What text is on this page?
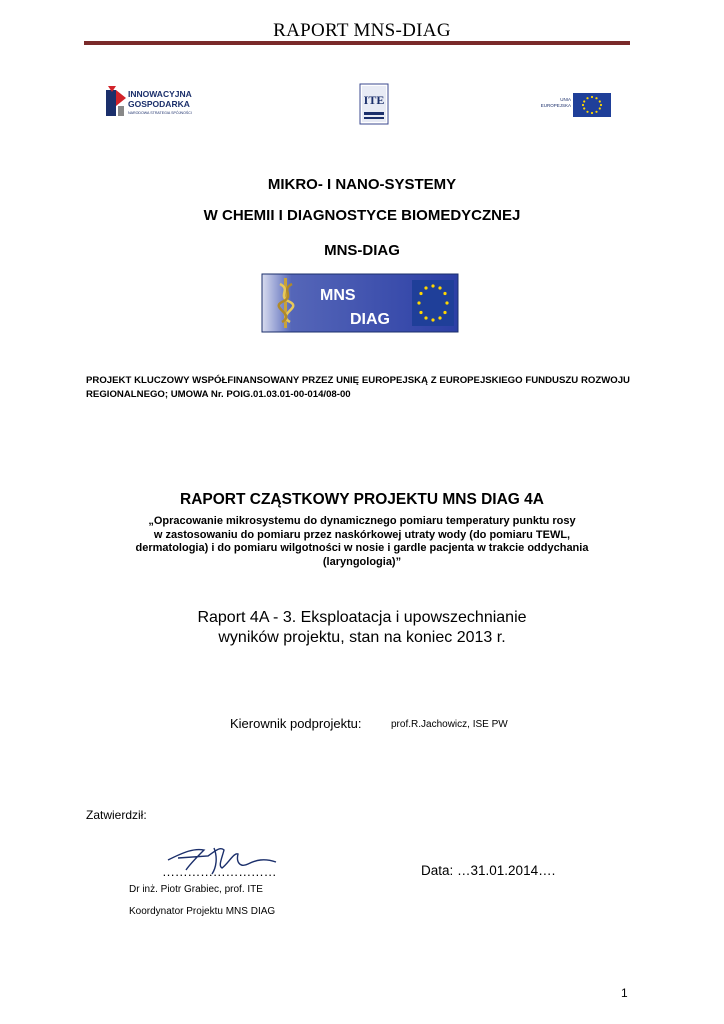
RAPORT MNS-DIAG
INNOWACYJNA
GOSPODARKA
NARODOWA STRATEGIA SPÓJNOŚCI
ITE	UNIA
EUROPEJSKA
MIKRO- I NANO-SYSTEMY
W CHEMII I DIAGNOSTYCE BIOMEDYCZNEJ
MNS-DIAG
MNS
DIAG
PROJEKT KLUCZOWY WSPÓŁFINANSOWANY PRZEZ UNIĘ EUROPEJSKĄ Z EUROPEJSKIEGO FUNDUSZU ROZWOJU REGIONALNEGO; UMOWA Nr. POIG.01.03.01-00-014/08-00
RAPORT CZĄSTKOWY PROJEKTU MNS DIAG 4A
„Opracowanie mikrosystemu do dynamicznego pomiaru temperatury punktu rosy
w zastosowaniu do pomiaru przez naskórkowej utraty wody (do pomiaru TEWL,
dermatologia) i do pomiaru wilgotności w nosie i gardle pacjenta w trakcie oddychania
(laryngologia)”
Raport 4A - 3. Eksploatacja i upowszechnianie
wyników projektu, stan na koniec 2013 r.
Kierownik podprojektu:	prof.R.Jachowicz, ISE PW
Zatwierdził:
………………………	Data: …31.01.2014….
Dr inż. Piotr Grabiec, prof. ITE
Koordynator Projektu MNS DIAG
1
